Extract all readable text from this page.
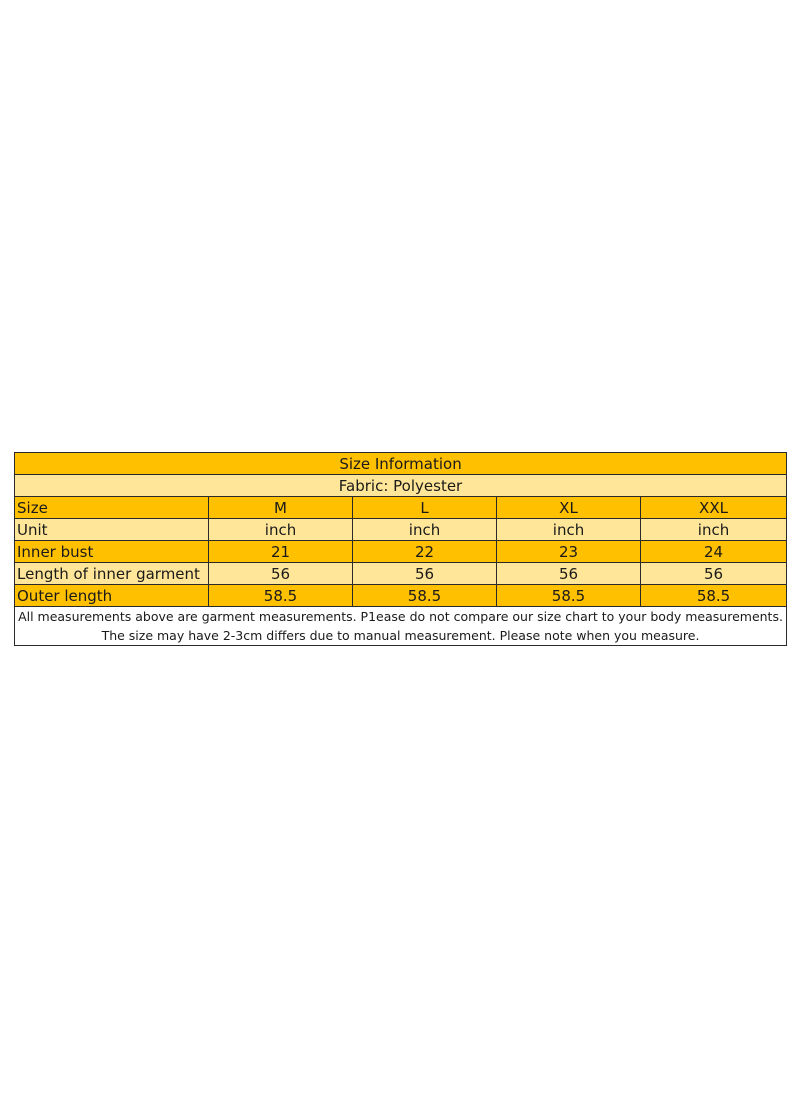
Size Information				
Fabric: Polyester				
Size	M	L	XL	XXL
Unit	inch	inch	inch	inch
Inner bust	21	22	23	24
Length of inner garment	56	56	56	56
Outer length	58.5	58.5	58.5	58.5
All measurements above are garment measurements. P1ease do not compare our size chart to your body measurements. The size may have 2-3cm differs due to manual measurement. Please note when you measure.				
